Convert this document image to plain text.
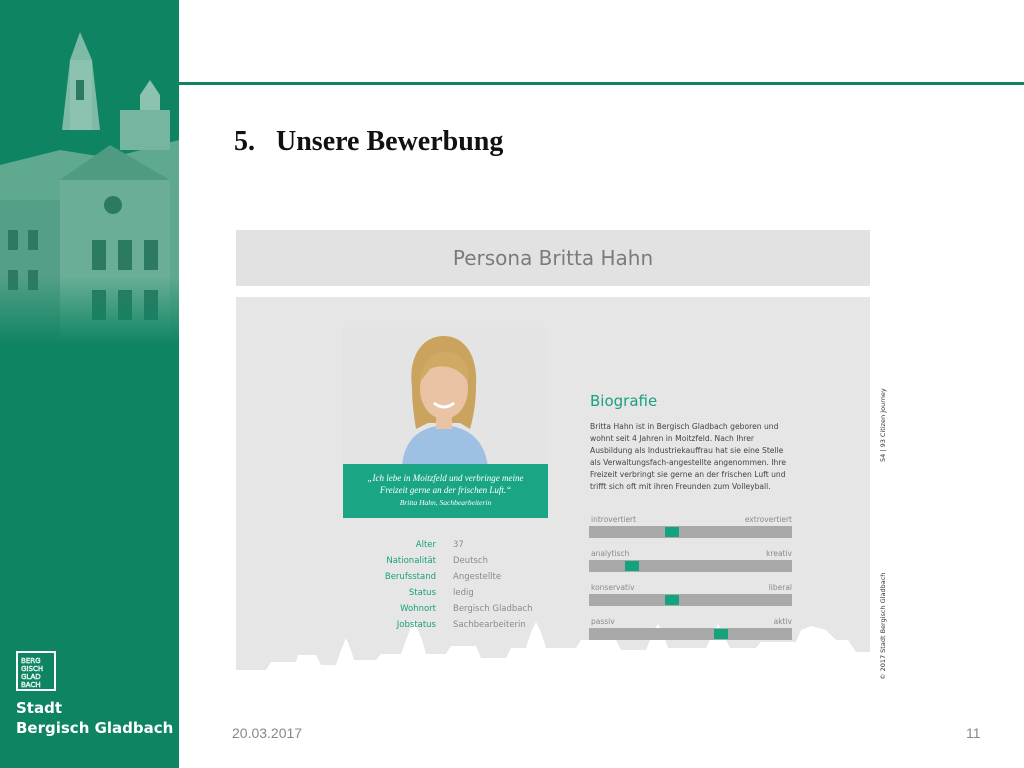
BERG
GISCH
GLAD
BACH
Stadt
Bergisch Gladbach
5.   Unsere Bewerbung
Persona Britta Hahn
„Ich lebe in Moitzfeld und verbringe meine Freizeit gerne an der frischen Luft.“
Britta Hahn, Sachbearbeiterin
Alter 37
Nationalität Deutsch
Berufsstand Angestellte
Status ledig
Wohnort Bergisch Gladbach
Jobstatus Sachbearbeiterin
Biografie
Britta Hahn ist in Bergisch Gladbach geboren und wohnt seit 4 Jahren in Moitzfeld. Nach Ihrer Ausbildung als Industriekauffrau hat sie eine Stelle als Verwaltungsfach-angestellte angenommen. Ihre Freizeit verbringt sie gerne an der frischen Luft und trifft sich oft mit ihren Freunden zum Volleyball.
introvertiert	extrovertiert
analytisch	kreativ
konservativ	liberal
passiv	aktiv
54 | 93 Citizen Journey
© 2017 Stadt Bergisch Gladbach
20.03.2017	11
